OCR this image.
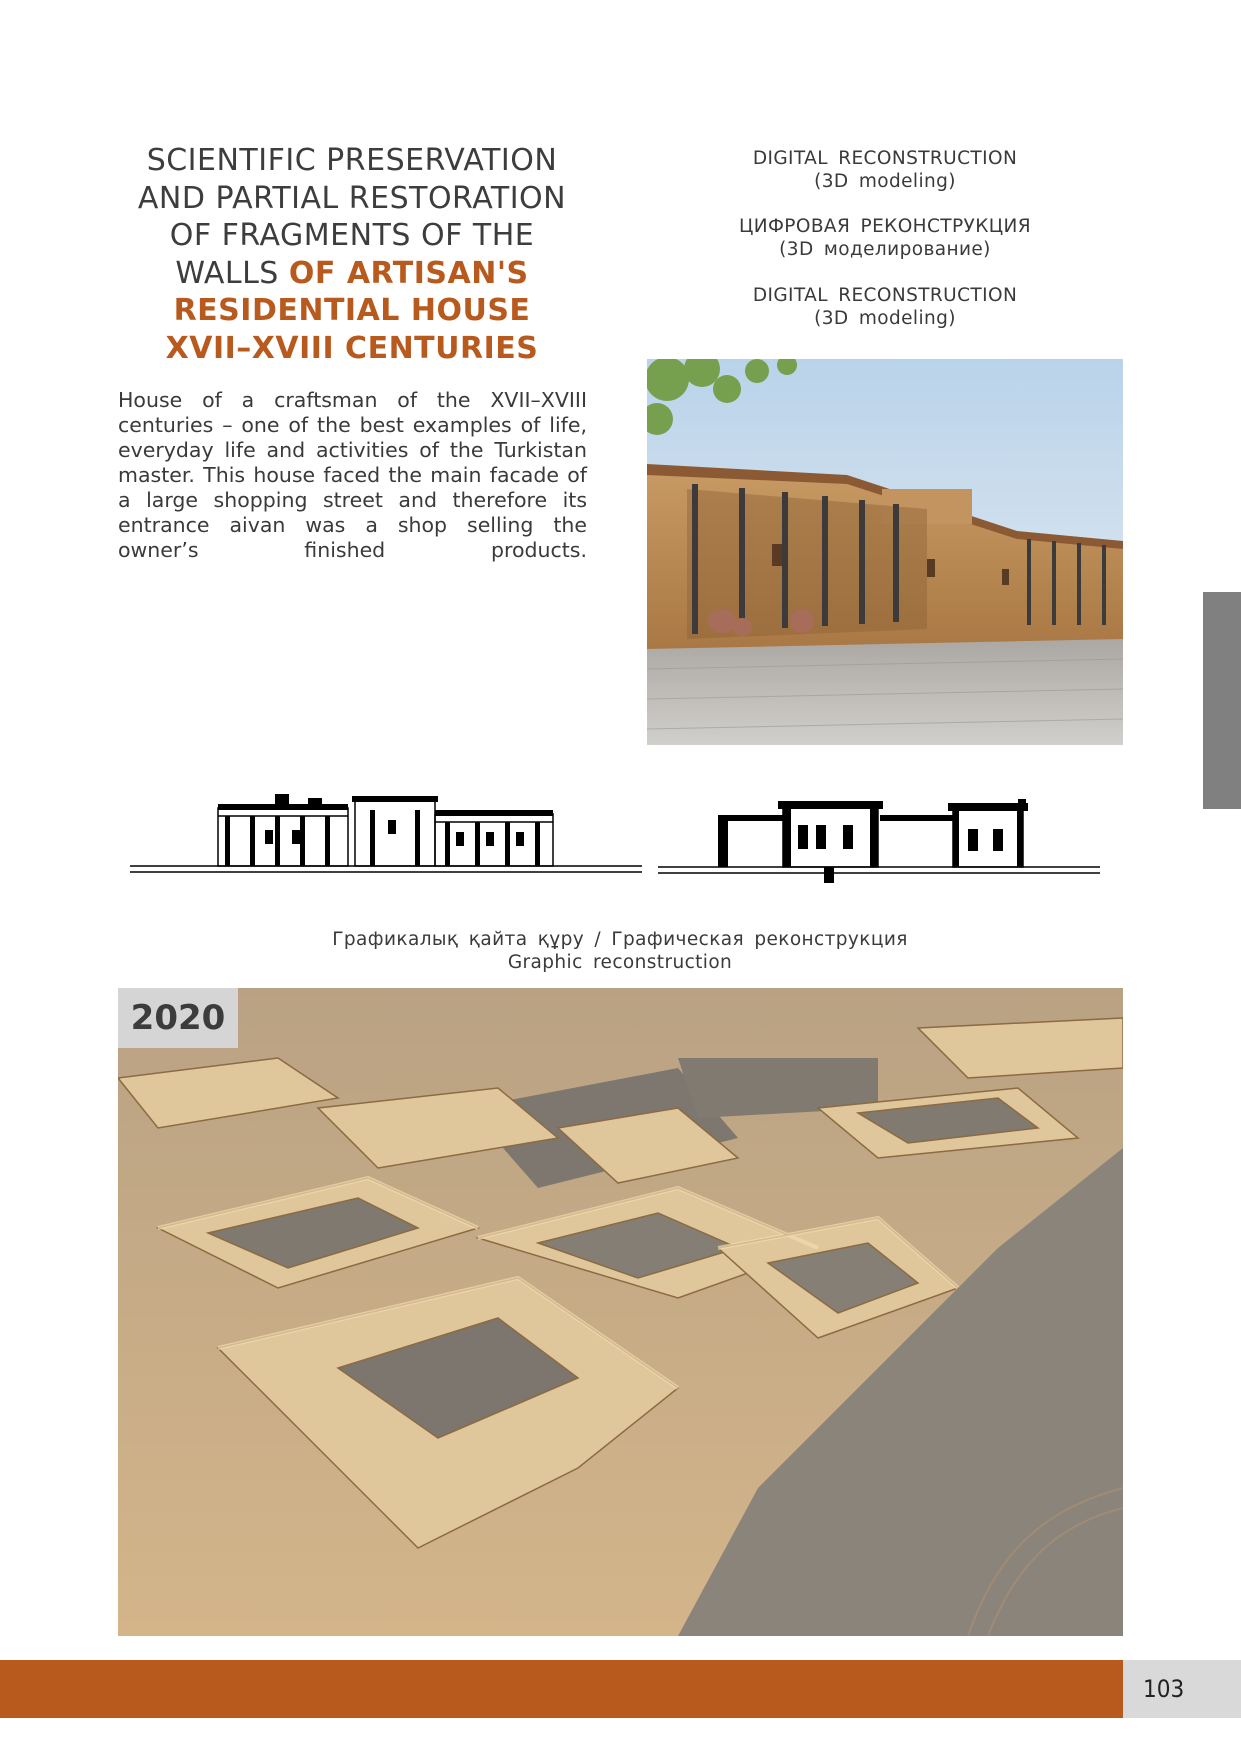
SCIENTIFIC PRESERVATION
AND PARTIAL RESTORATION
OF FRAGMENTS OF THE
WALLS OF ARTISAN'S
RESIDENTIAL HOUSE
XVII–XVIII CENTURIES
House of a craftsman of the XVII–XVIII centuries – one of the best examples of life, everyday life and activities of the Turkistan master. This house faced the main facade of a large shopping street and therefore its entrance aivan was a shop selling the owner’s finished products.
DIGITAL RECONSTRUCTION
(3D modeling)
ЦИФРОВАЯ РЕКОНСТРУКЦИЯ
(3D моделирование)
DIGITAL RECONSTRUCTION
(3D modeling)
Графикалық қайта құру / Графическая реконструкция
Graphic reconstruction
2020
103
